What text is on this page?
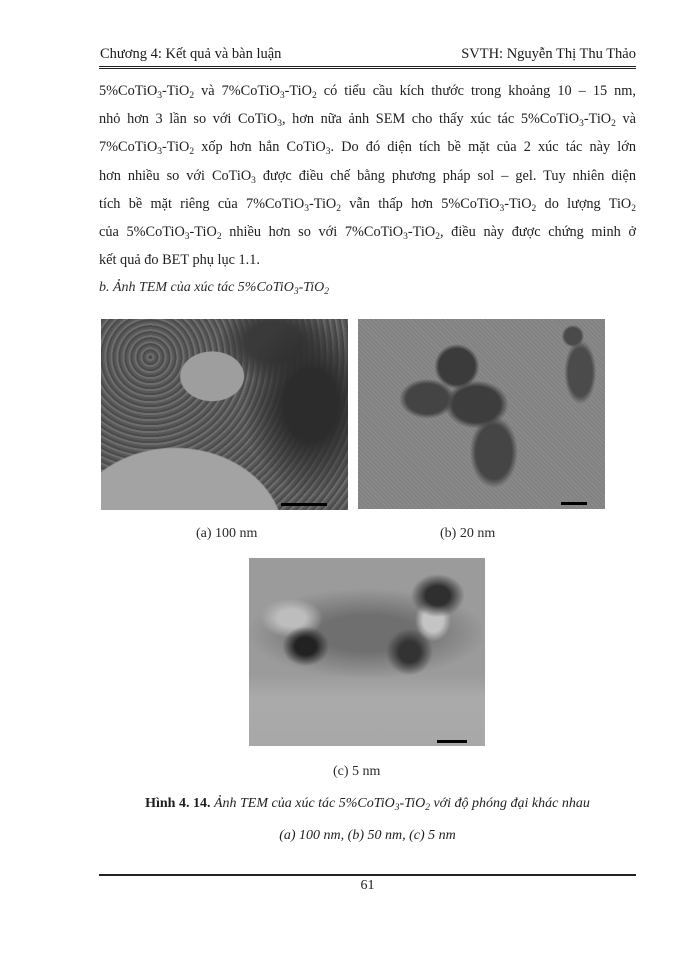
Chương 4: Kết quả và bàn luận	SVTH: Nguyễn Thị Thu Thảo

5%CoTiO$_3$-TiO$_2$ và 7%CoTiO$_3$-TiO$_2$ có tiểu cầu kích thước trong khoảng 10 – 15 nm,

nhỏ hơn 3 lần so với CoTiO$_3$, hơn nữa ảnh SEM cho thấy xúc tác 5%CoTiO$_3$-TiO$_2$ và

7%CoTiO$_3$-TiO$_2$ xốp hơn hẳn CoTiO$_3$. Do đó diện tích bề mặt của 2 xúc tác này lớn

hơn nhiều so với CoTiO$_3$ được điều chế bằng phương pháp sol – gel. Tuy nhiên diện

tích bề mặt riêng của 7%CoTiO$_3$-TiO$_2$ vẫn thấp hơn 5%CoTiO$_3$-TiO$_2$ do lượng TiO$_2$

của 5%CoTiO$_3$-TiO$_2$ nhiều hơn so với 7%CoTiO$_3$-TiO$_2$, điều này được chứng minh ở

kết quả đo BET phụ lục 1.1.

b. Ảnh TEM của xúc tác 5%CoTiO$_3$-TiO$_2$
(a) 100 nm	(b) 20 nm
(c) 5 nm
Hình 4. 14. Ảnh TEM của xúc tác 5%CoTiO$_3$-TiO$_2$ với độ phóng đại khác nhau
(a) 100 nm, (b) 50 nm, (c) 5 nm
61
